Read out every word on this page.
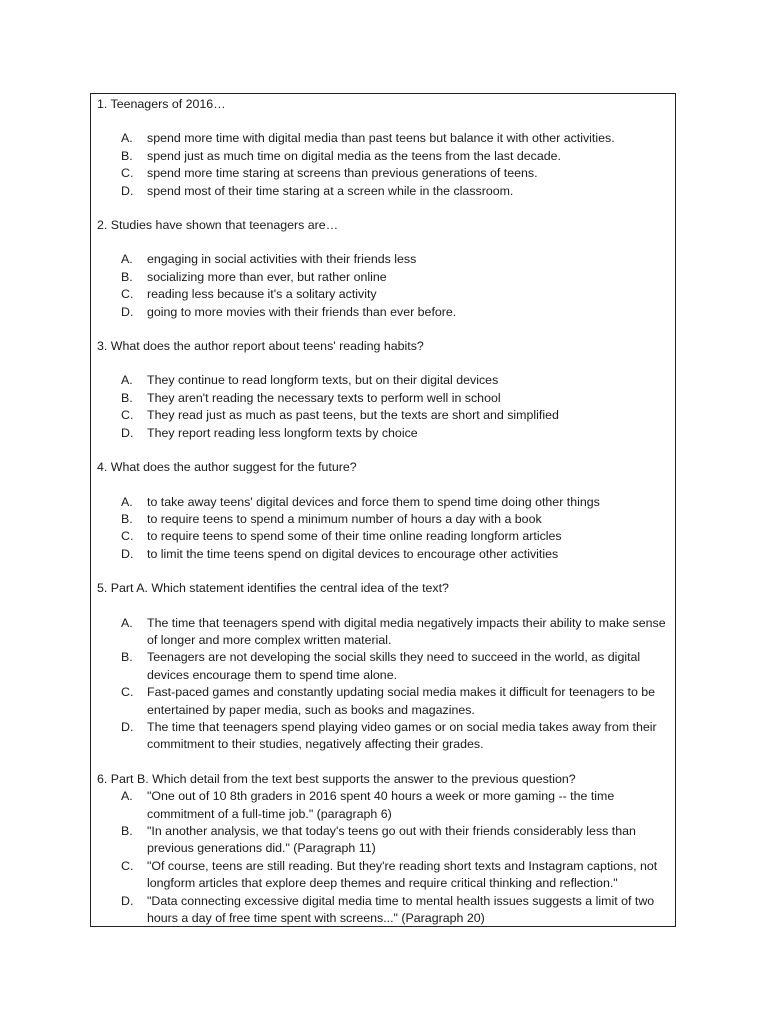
1. Teenagers of 2016…

A.	spend more time with digital media than past teens but balance it with other activities.
B.	spend just as much time on digital media as the teens from the last decade.
C.	spend more time staring at screens than previous generations of teens.
D.	spend most of their time staring at a screen while in the classroom.

2. Studies have shown that teenagers are…

A.	engaging in social activities with their friends less
B.	socializing more than ever, but rather online
C.	reading less because it's a solitary activity
D.	going to more movies with their friends than ever before.

3. What does the author report about teens' reading habits?

A.	They continue to read longform texts, but on their digital devices
B.	They aren't reading the necessary texts to perform well in school
C.	They read just as much as past teens, but the texts are short and simplified
D.	They report reading less longform texts by choice

4. What does the author suggest for the future?

A.	to take away teens' digital devices and force them to spend time doing other things
B.	to require teens to spend a minimum number of hours a day with a book
C.	to require teens to spend some of their time online reading longform articles
D.	to limit the time teens spend on digital devices to encourage other activities

5. Part A. Which statement identifies the central idea of the text?

A.	The time that teenagers spend with digital media negatively impacts their ability to make sense of longer and more complex written material.
B.	Teenagers are not developing the social skills they need to succeed in the world, as digital devices encourage them to spend time alone.
C.	Fast-paced games and constantly updating social media makes it difficult for teenagers to be entertained by paper media, such as books and magazines.
D.	The time that teenagers spend playing video games or on social media takes away from their commitment to their studies, negatively affecting their grades.

6. Part B. Which detail from the text best supports the answer to the previous question?

A.	"One out of 10 8th graders in 2016 spent 40 hours a week or more gaming -- the time commitment of a full-time job." (paragraph 6)
B.	"In another analysis, we that today's teens go out with their friends considerably less than previous generations did." (Paragraph 11)
C.	"Of course, teens are still reading. But they're reading short texts and Instagram captions, not longform articles that explore deep themes and require critical thinking and reflection."
D.	"Data connecting excessive digital media time to mental health issues suggests a limit of two hours a day of free time spent with screens..." (Paragraph 20)
